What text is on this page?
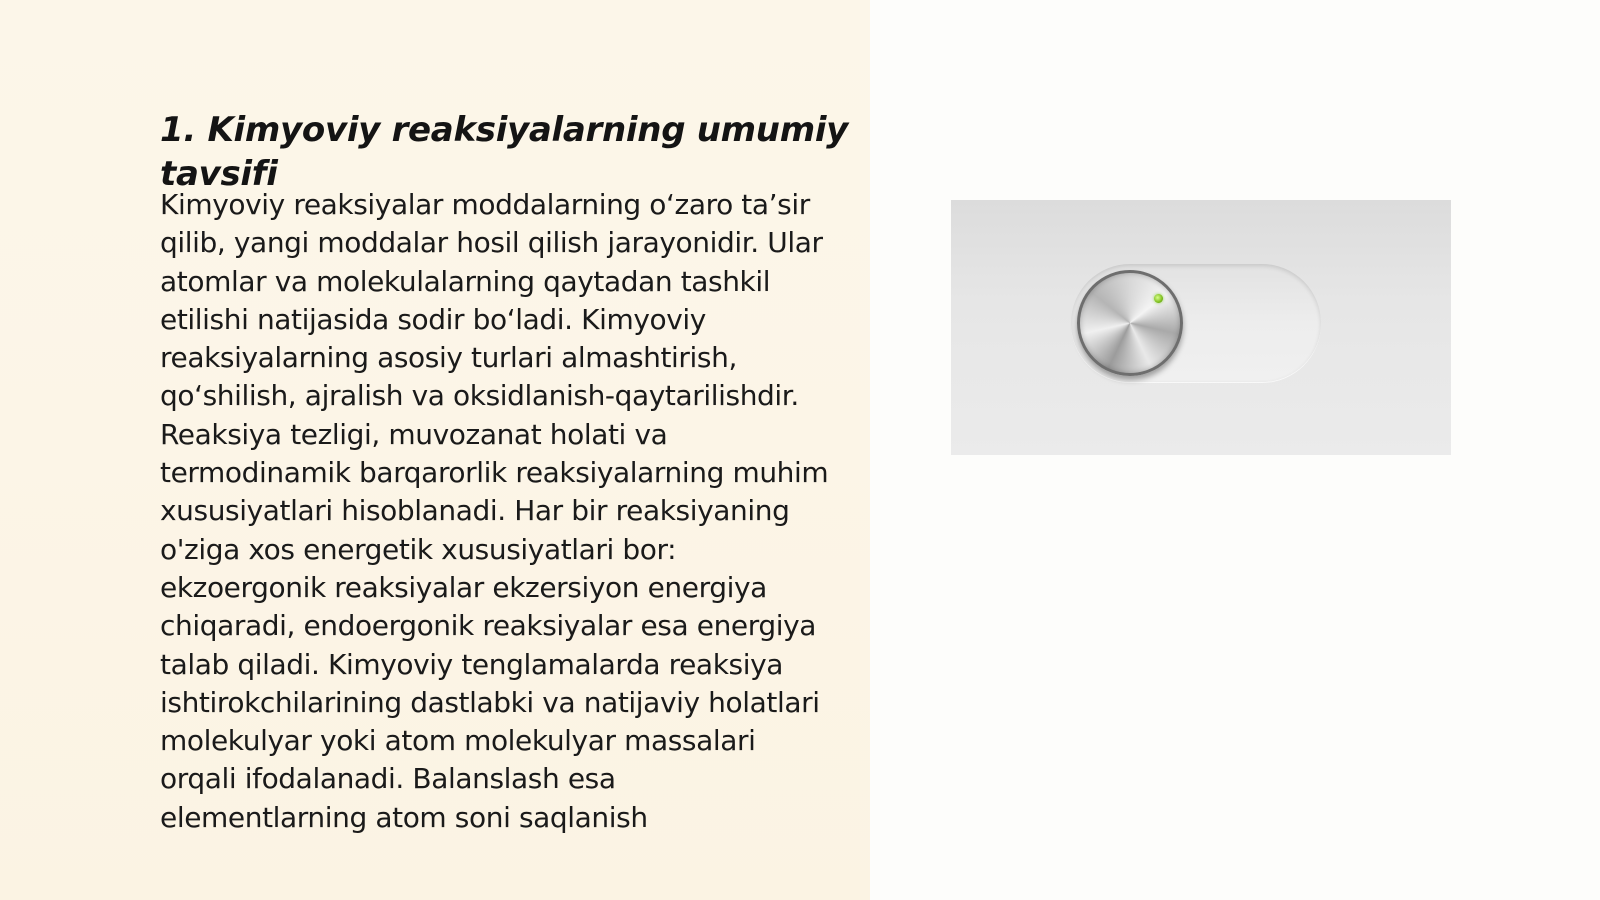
1. Kimyoviy reaksiyalarning umumiy tavsifi

Kimyoviy reaksiyalar moddalarning o‘zaro ta’sir qilib, yangi moddalar hosil qilish jarayonidir. Ular atomlar va molekulalarning qaytadan tashkil etilishi natijasida sodir bo‘ladi. Kimyoviy reaksiyalarning asosiy turlari almashtirish, qo‘shilish, ajralish va oksidlanish-qaytarilishdir. Reaksiya tezligi, muvozanat holati va termodinamik barqarorlik reaksiyalarning muhim xususiyatlari hisoblanadi. Har bir reaksiyaning o'ziga xos energetik xususiyatlari bor: ekzoergonik reaksiyalar ekzersiyon energiya chiqaradi, endoergonik reaksiyalar esa energiya talab qiladi. Kimyoviy tenglamalarda reaksiya ishtirokchilarining dastlabki va natijaviy holatlari molekulyar yoki atom molekulyar massalari orqali ifodalanadi. Balanslash esa elementlarning atom soni saqlanish
